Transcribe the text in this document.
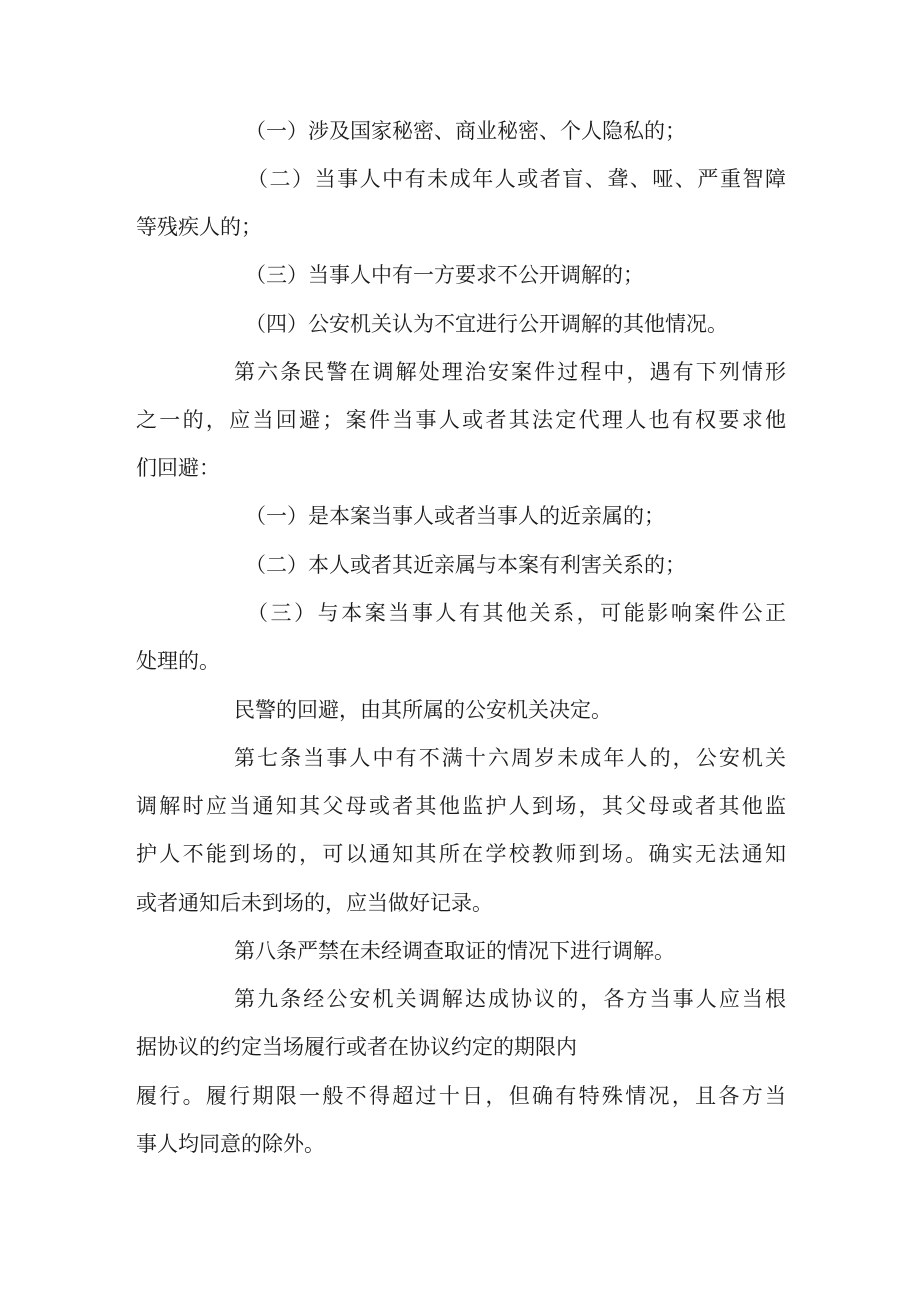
（一）涉及国家秘密、商业秘密、个人隐私的；
（二）当事人中有未成年人或者盲、聋、哑、严重智障
等残疾人的；
（三）当事人中有一方要求不公开调解的；
（四）公安机关认为不宜进行公开调解的其他情况。
第六条民警在调解处理治安案件过程中，遇有下列情形
之一的，应当回避；案件当事人或者其法定代理人也有权要求他
们回避：
（一）是本案当事人或者当事人的近亲属的；
（二）本人或者其近亲属与本案有利害关系的；
（三）与本案当事人有其他关系，可能影响案件公正
处理的。
民警的回避，由其所属的公安机关决定。
第七条当事人中有不满十六周岁未成年人的，公安机关
调解时应当通知其父母或者其他监护人到场，其父母或者其他监
护人不能到场的，可以通知其所在学校教师到场。确实无法通知
或者通知后未到场的，应当做好记录。
第八条严禁在未经调查取证的情况下进行调解。
第九条经公安机关调解达成协议的，各方当事人应当根
据协议的约定当场履行或者在协议约定的期限内
履行。履行期限一般不得超过十日，但确有特殊情况，且各方当
事人均同意的除外。
